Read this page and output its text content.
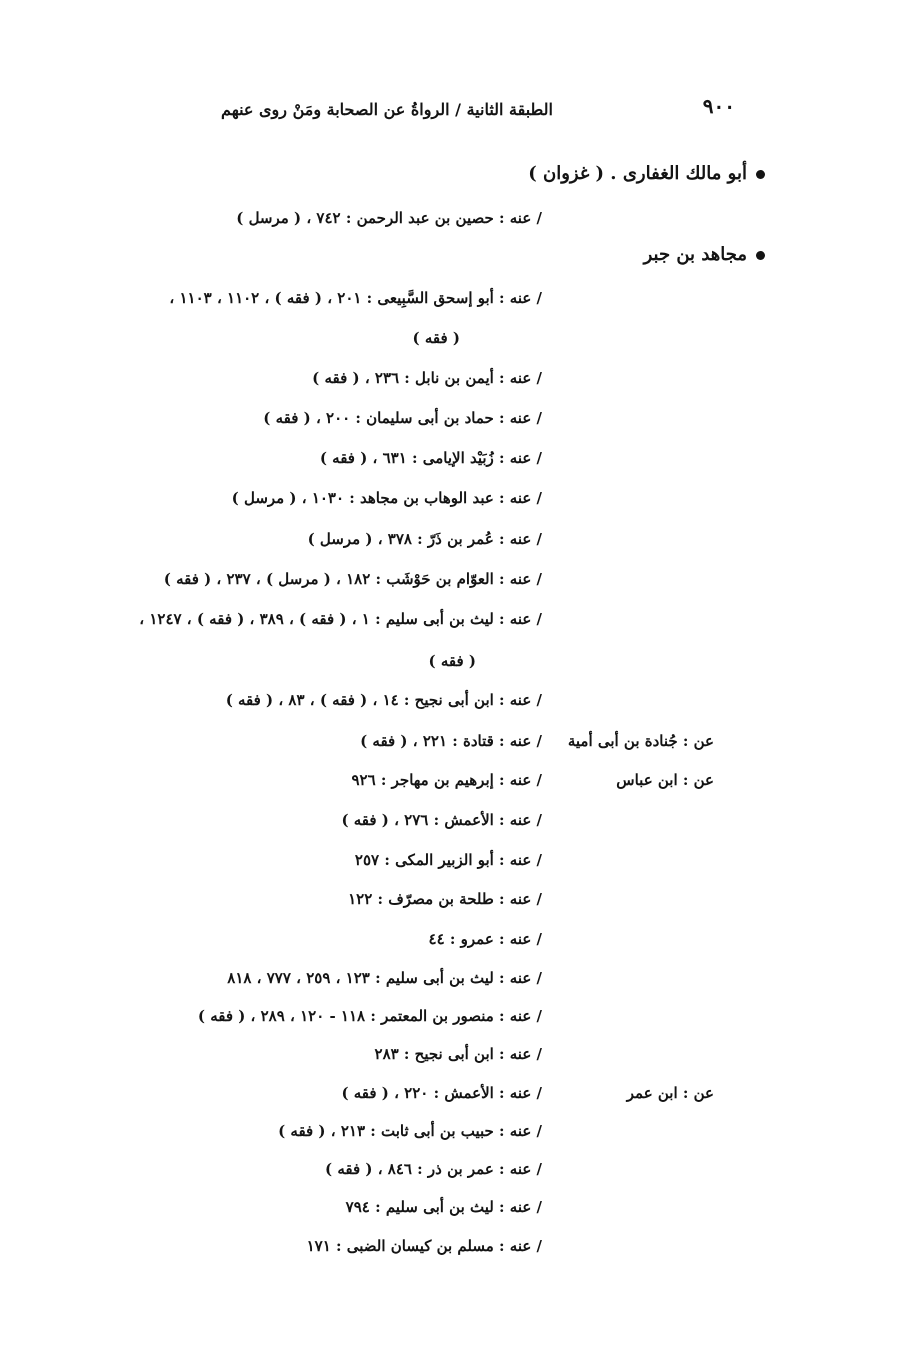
٩٠٠
الطبقة الثانية / الرواةُ عن الصحابة ومَنْ روى عنهم
أبو مالك الغفارى . ( غزوان )
/ عنه : حصين بن عبد الرحمن : ٧٤٢ ، ( مرسل )
مجاهد بن جبر
/ عنه : أبو إسحق السَّبِيعى : ٢٠١ ، ( فقه ) ، ١١٠٢ ، ١١٠٣ ،
( فقه )
/ عنه : أيمن بن نابل : ٢٣٦ ، ( فقه )
/ عنه : حماد بن أبى سليمان : ٢٠٠ ، ( فقه )
/ عنه : زُبَيْد الإيامى : ٦٣١ ، ( فقه )
/ عنه : عبد الوهاب بن مجاهد : ١٠٣٠ ، ( مرسل )
/ عنه : عُمر بن ذَرّ : ٣٧٨ ، ( مرسل )
/ عنه : العوّام بن حَوْشَب : ١٨٢ ، ( مرسل ) ، ٢٣٧ ، ( فقه )
/ عنه : ليث بن أبى سليم : ١ ، ( فقه ) ، ٣٨٩ ، ( فقه ) ، ١٢٤٧ ،
( فقه )
/ عنه : ابن أبى نجيح : ١٤ ، ( فقه ) ، ٨٣ ، ( فقه )
عن : جُنادة بن أبى أمية
/ عنه : قتادة : ٢٢١ ، ( فقه )
عن : ابن عباس
/ عنه : إبرهيم بن مهاجر : ٩٢٦
/ عنه : الأعمش : ٢٧٦ ، ( فقه )
/ عنه : أبو الزبير المكى : ٢٥٧
/ عنه : طلحة بن مصرّف : ١٢٢
/ عنه : عمرو : ٤٤
/ عنه : ليث بن أبى سليم : ١٢٣ ، ٢٥٩ ، ٧٧٧ ، ٨١٨
/ عنه : منصور بن المعتمر : ١١٨ - ١٢٠ ، ٢٨٩ ، ( فقه )
/ عنه : ابن أبى نجيح : ٢٨٣
عن : ابن عمر
/ عنه : الأعمش : ٢٢٠ ، ( فقه )
/ عنه : حبيب بن أبى ثابت : ٢١٣ ، ( فقه )
/ عنه : عمر بن ذر : ٨٤٦ ، ( فقه )
/ عنه : ليث بن أبى سليم : ٧٩٤
/ عنه : مسلم بن كيسان الضبى : ١٧١
